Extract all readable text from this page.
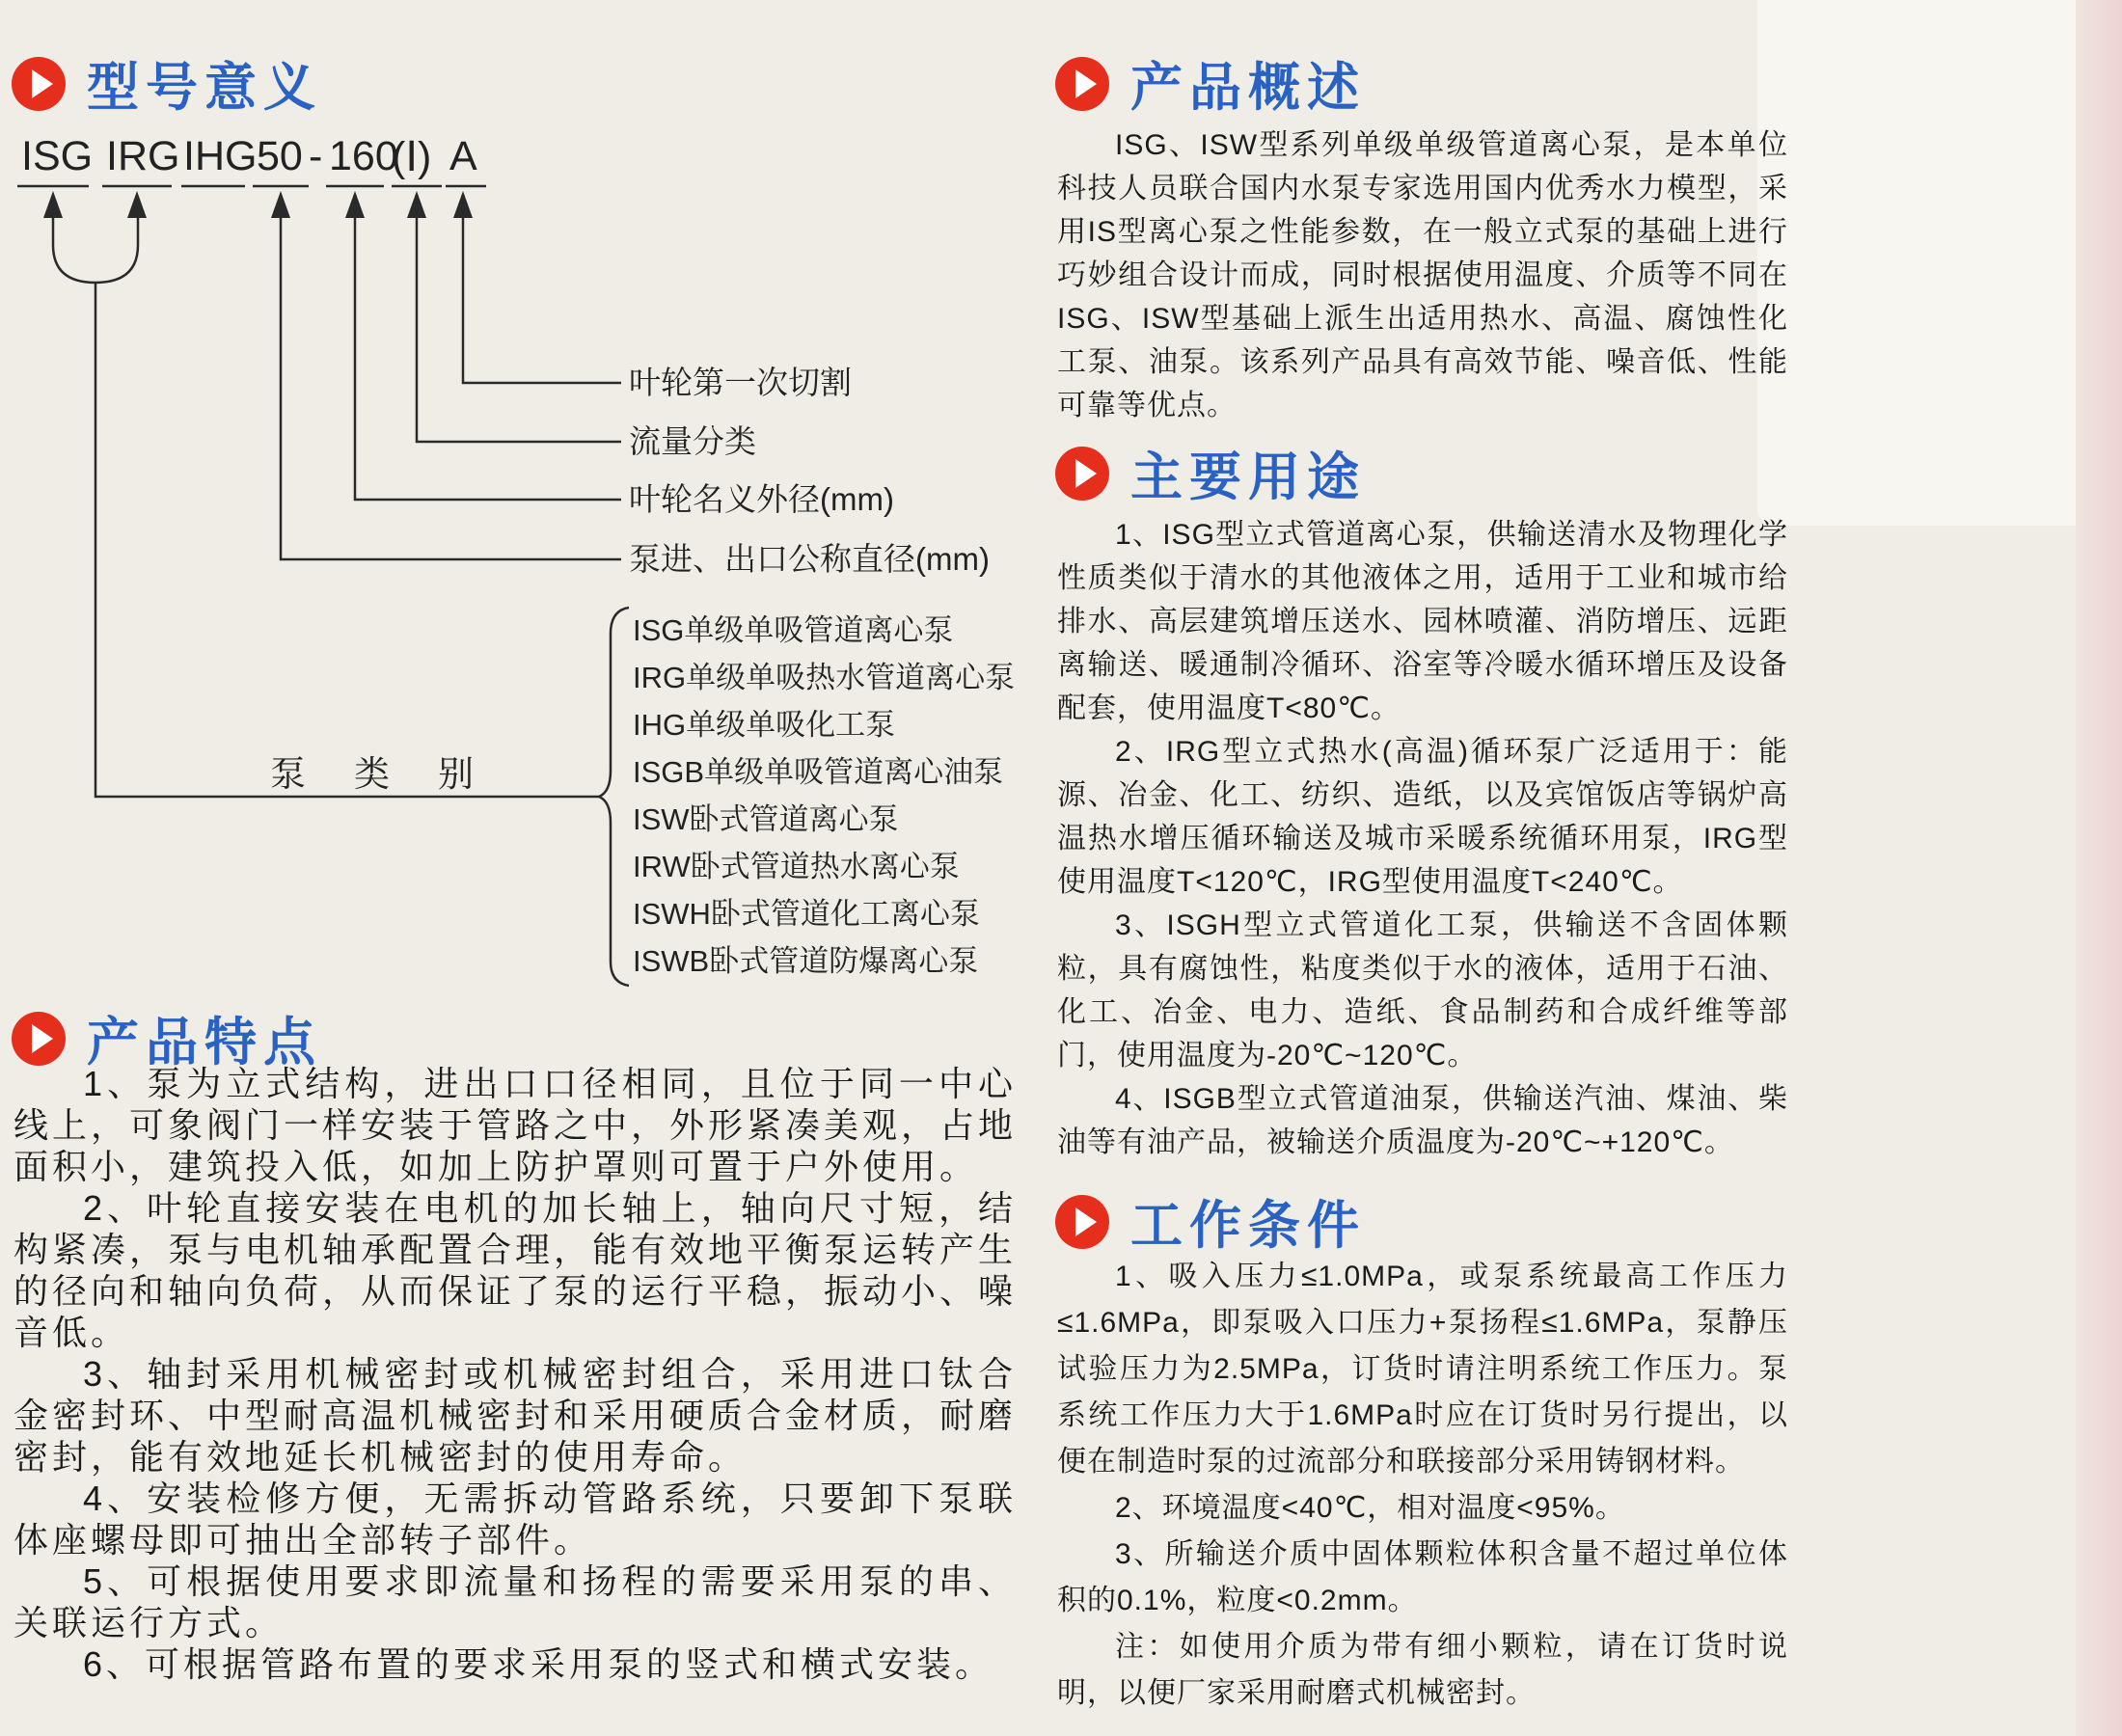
型号意义
ISG IRG IHG 50 - 160
(Ⅰ) A
叶轮第一次切割
流量分类
叶轮名义外径(mm)
泵进、出口公称直径(mm)
泵类别
ISG单级单吸管道离心泵
IRG单级单吸热水管道离心泵
IHG单级单吸化工泵
ISGB单级单吸管道离心油泵
ISW卧式管道离心泵
IRW卧式管道热水离心泵
ISWH卧式管道化工离心泵
ISWB卧式管道防爆离心泵
产品特点

1、泵为立式结构，进出口口径相同，且位于同一中心线上，可象阀门一样安装于管路之中，外形紧凑美观，占地面积小，建筑投入低，如加上防护罩则可置于户外使用。

2、叶轮直接安装在电机的加长轴上，轴向尺寸短，结构紧凑，泵与电机轴承配置合理，能有效地平衡泵运转产生的径向和轴向负荷，从而保证了泵的运行平稳，振动小、噪音低。

3、轴封采用机械密封或机械密封组合，采用进口钛合金密封环、中型耐高温机械密封和采用硬质合金材质，耐磨密封，能有效地延长机械密封的使用寿命。

4、安装检修方便，无需拆动管路系统，只要卸下泵联体座螺母即可抽出全部转子部件。

5、可根据使用要求即流量和扬程的需要采用泵的串、关联运行方式。

6、可根据管路布置的要求采用泵的竖式和横式安装。

产品概述

ISG、ISW型系列单级单级管道离心泵，是本单位科技人员联合国内水泵专家选用国内优秀水力模型，采用IS型离心泵之性能参数，在一般立式泵的基础上进行巧妙组合设计而成，同时根据使用温度、介质等不同在ISG、ISW型基础上派生出适用热水、高温、腐蚀性化工泵、油泵。该系列产品具有高效节能、噪音低、性能可靠等优点。

主要用途

1、ISG型立式管道离心泵，供输送清水及物理化学性质类似于清水的其他液体之用，适用于工业和城市给排水、高层建筑增压送水、园林喷灌、消防增压、远距离输送、暖通制冷循环、浴室等冷暖水循环增压及设备配套，使用温度T<80℃。

2、IRG型立式热水(高温)循环泵广泛适用于：能源、冶金、化工、纺织、造纸，以及宾馆饭店等锅炉高温热水增压循环输送及城市采暖系统循环用泵，IRG型使用温度T<120℃，IRG型使用温度T<240℃。

3、ISGH型立式管道化工泵，供输送不含固体颗粒，具有腐蚀性，粘度类似于水的液体，适用于石油、化工、冶金、电力、造纸、食品制药和合成纤维等部门，使用温度为-20℃~120℃。

4、ISGB型立式管道油泵，供输送汽油、煤油、柴油等有油产品，被输送介质温度为-20℃~+120℃。

工作条件

1、吸入压力≤1.0MPa，或泵系统最高工作压力≤1.6MPa，即泵吸入口压力+泵扬程≤1.6MPa，泵静压试验压力为2.5MPa，订货时请注明系统工作压力。泵系统工作压力大于1.6MPa时应在订货时另行提出，以便在制造时泵的过流部分和联接部分采用铸钢材料。

2、环境温度<40℃，相对温度<95%。

3、所输送介质中固体颗粒体积含量不超过单位体积的0.1%，粒度<0.2mm。

注：如使用介质为带有细小颗粒，请在订货时说明，以便厂家采用耐磨式机械密封。
